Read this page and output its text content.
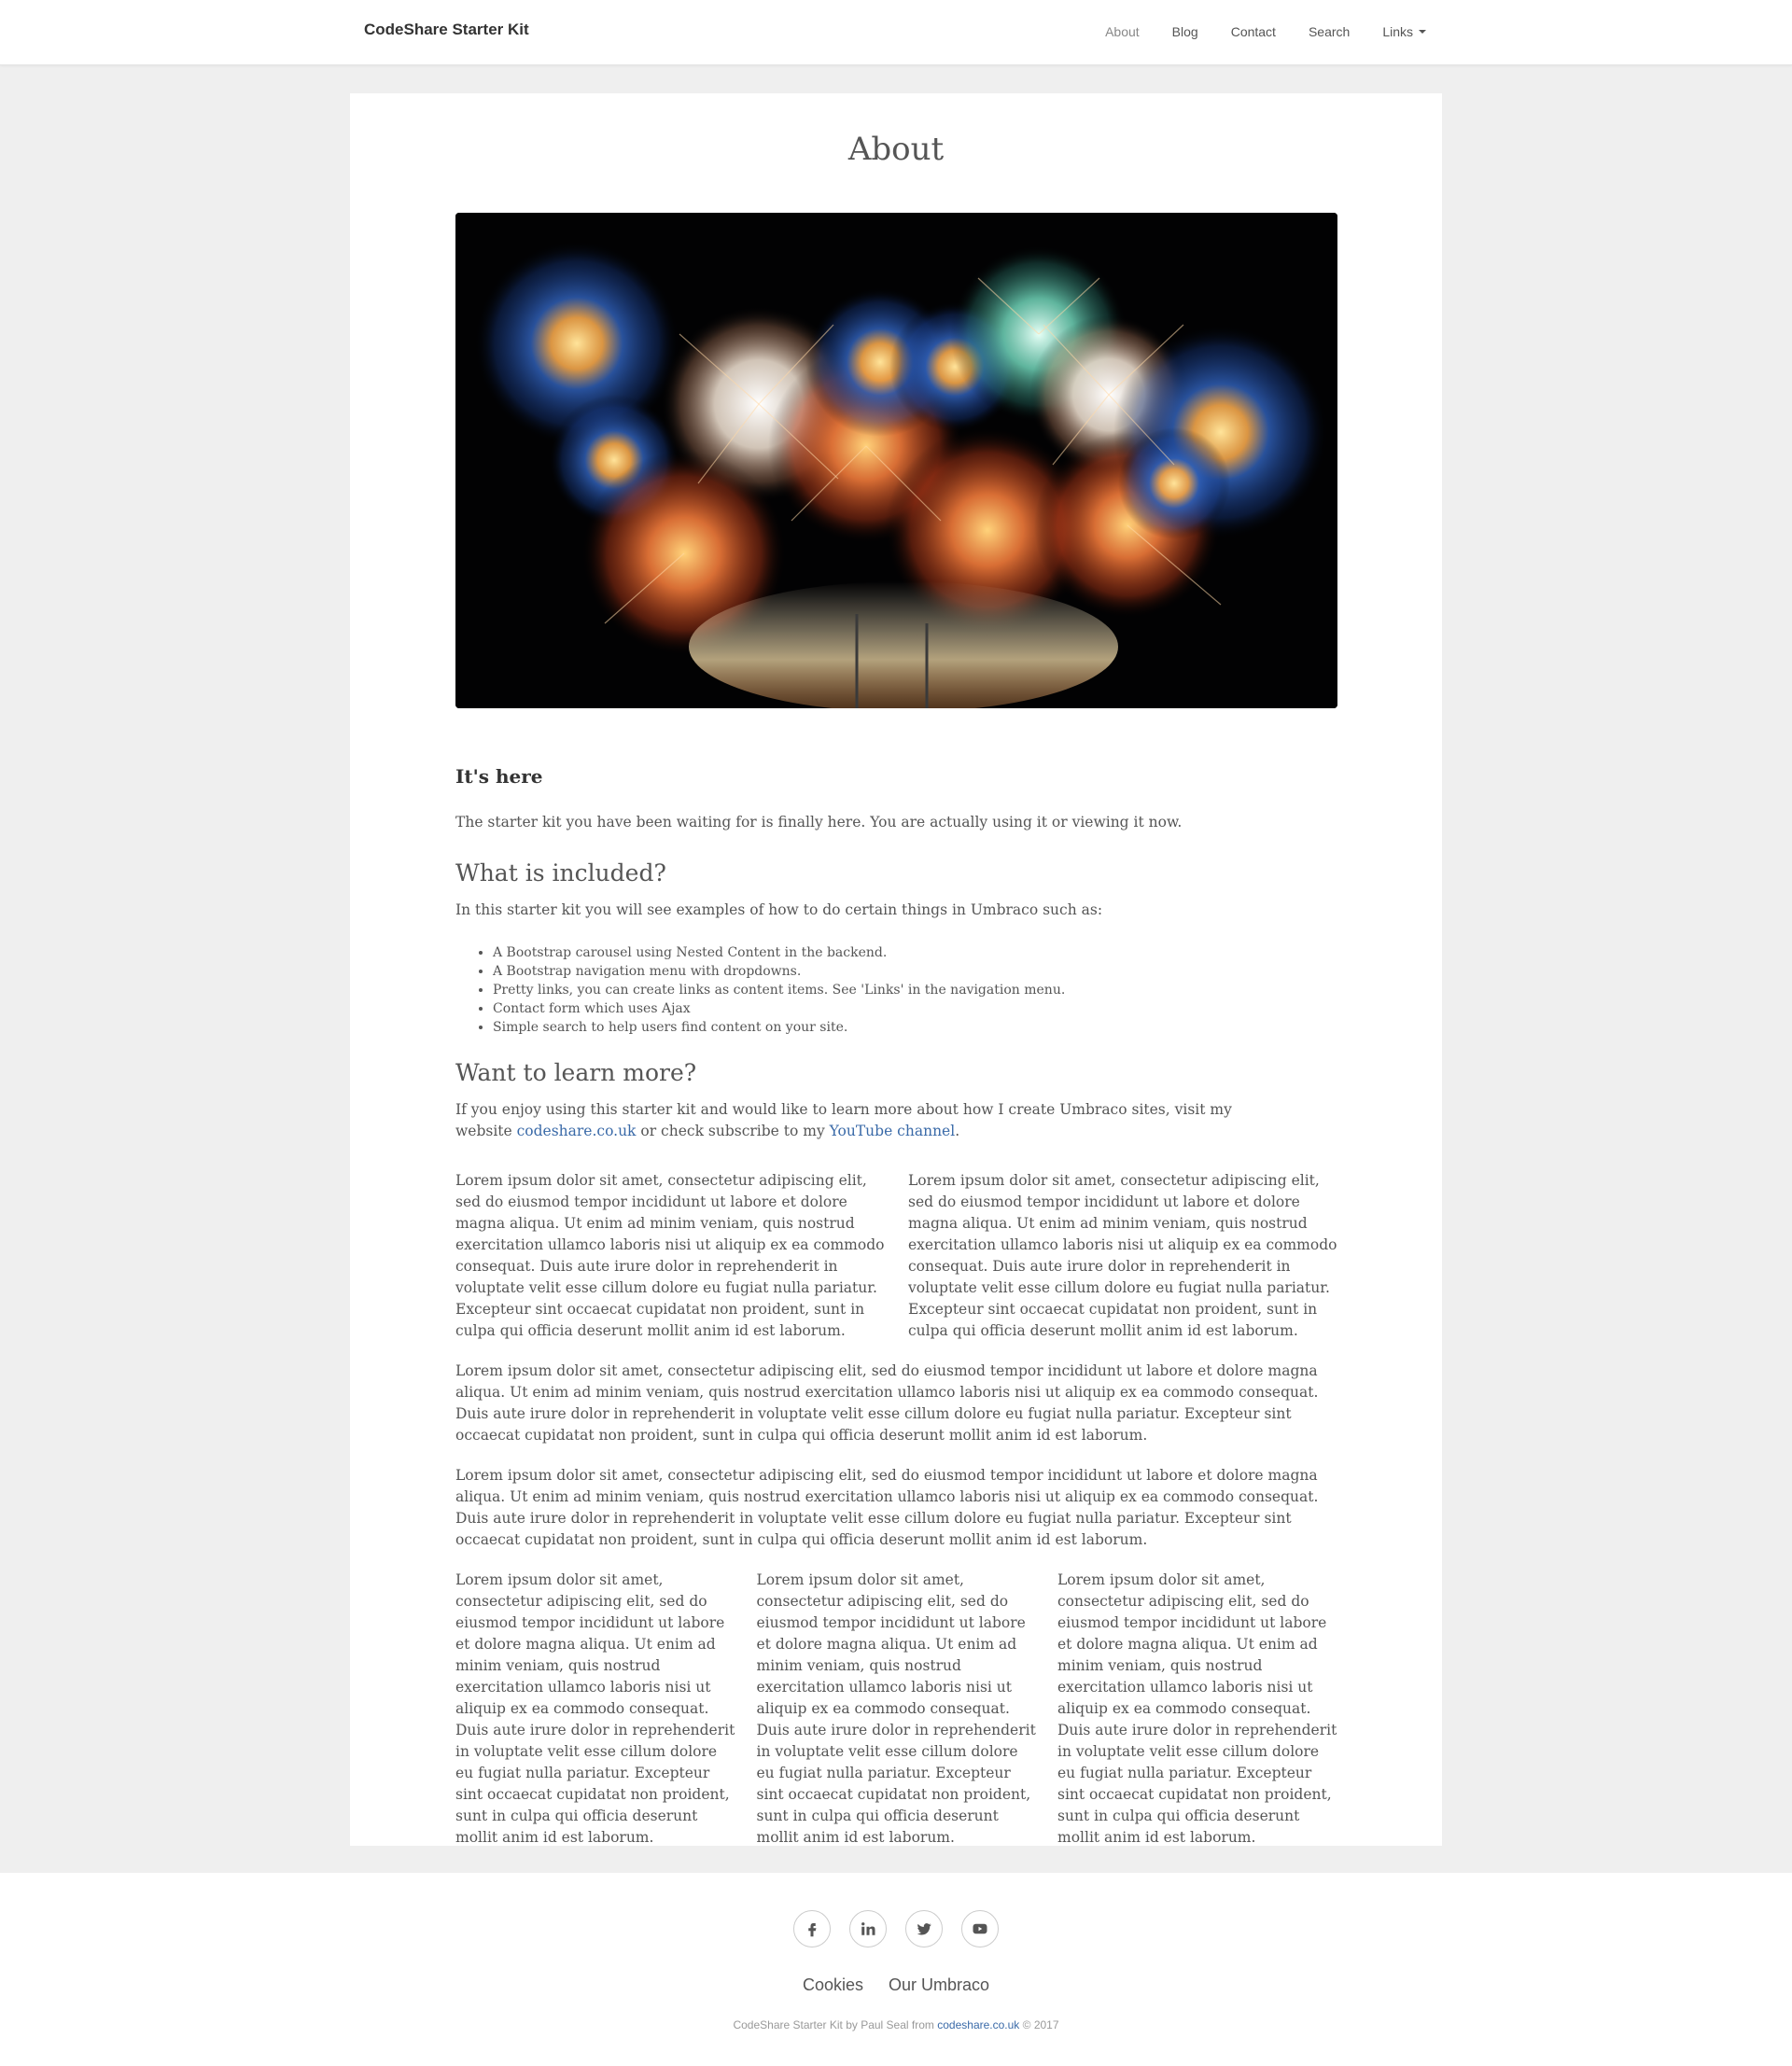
CodeShare Starter Kit	About	Blog	Contact	Search	Links
About
It's here

The starter kit you have been waiting for is finally here. You are actually using it or viewing it now.

What is included?

In this starter kit you will see examples of how to do certain things in Umbraco such as:

• A Bootstrap carousel using Nested Content in the backend.
• A Bootstrap navigation menu with dropdowns.
• Pretty links, you can create links as content items. See 'Links' in the navigation menu.
• Contact form which uses Ajax
• Simple search to help users find content on your site.
Want to learn more?

If you enjoy using this starter kit and would like to learn more about how I create Umbraco sites, visit my
website codeshare.co.uk or check subscribe to my YouTube channel.

Lorem ipsum dolor sit amet, consectetur adipiscing elit, sed do eiusmod tempor incididunt ut labore et dolore magna aliqua. Ut enim ad minim veniam, quis nostrud exercitation ullamco laboris nisi ut aliquip ex ea commodo consequat. Duis aute irure dolor in reprehenderit in voluptate velit esse cillum dolore eu fugiat nulla pariatur. Excepteur sint occaecat cupidatat non proident, sunt in culpa qui officia deserunt mollit anim id est laborum.

Lorem ipsum dolor sit amet, consectetur adipiscing elit, sed do eiusmod tempor incididunt ut labore et dolore magna aliqua. Ut enim ad minim veniam, quis nostrud exercitation ullamco laboris nisi ut aliquip ex ea commodo consequat. Duis aute irure dolor in reprehenderit in voluptate velit esse cillum dolore eu fugiat nulla pariatur. Excepteur sint occaecat cupidatat non proident, sunt in culpa qui officia deserunt mollit anim id est laborum.

Lorem ipsum dolor sit amet, consectetur adipiscing elit, sed do eiusmod tempor incididunt ut labore et dolore magna aliqua. Ut enim ad minim veniam, quis nostrud exercitation ullamco laboris nisi ut aliquip ex ea commodo consequat. Duis aute irure dolor in reprehenderit in voluptate velit esse cillum dolore eu fugiat nulla pariatur. Excepteur sint occaecat cupidatat non proident, sunt in culpa qui officia deserunt mollit anim id est laborum.

Lorem ipsum dolor sit amet, consectetur adipiscing elit, sed do eiusmod tempor incididunt ut labore et dolore magna aliqua. Ut enim ad minim veniam, quis nostrud exercitation ullamco laboris nisi ut aliquip ex ea commodo consequat. Duis aute irure dolor in reprehenderit in voluptate velit esse cillum dolore eu fugiat nulla pariatur. Excepteur sint occaecat cupidatat non proident, sunt in culpa qui officia deserunt mollit anim id est laborum.

Lorem ipsum dolor sit amet, consectetur adipiscing elit, sed do eiusmod tempor incididunt ut labore et dolore magna aliqua. Ut enim ad minim veniam, quis nostrud exercitation ullamco laboris nisi ut aliquip ex ea commodo consequat. Duis aute irure dolor in reprehenderit in voluptate velit esse cillum dolore eu fugiat nulla pariatur. Excepteur sint occaecat cupidatat non proident, sunt in culpa qui officia deserunt mollit anim id est laborum.

Lorem ipsum dolor sit amet, consectetur adipiscing elit, sed do eiusmod tempor incididunt ut labore et dolore magna aliqua. Ut enim ad minim veniam, quis nostrud exercitation ullamco laboris nisi ut aliquip ex ea commodo consequat. Duis aute irure dolor in reprehenderit in voluptate velit esse cillum dolore eu fugiat nulla pariatur. Excepteur sint occaecat cupidatat non proident, sunt in culpa qui officia deserunt mollit anim id est laborum.

Lorem ipsum dolor sit amet, consectetur adipiscing elit, sed do eiusmod tempor incididunt ut labore et dolore magna aliqua. Ut enim ad minim veniam, quis nostrud exercitation ullamco laboris nisi ut aliquip ex ea commodo consequat. Duis aute irure dolor in reprehenderit in voluptate velit esse cillum dolore eu fugiat nulla pariatur. Excepteur sint occaecat cupidatat non proident, sunt in culpa qui officia deserunt mollit anim id est laborum.

Cookies Our Umbraco
CodeShare Starter Kit by Paul Seal from codeshare.co.uk © 2017
